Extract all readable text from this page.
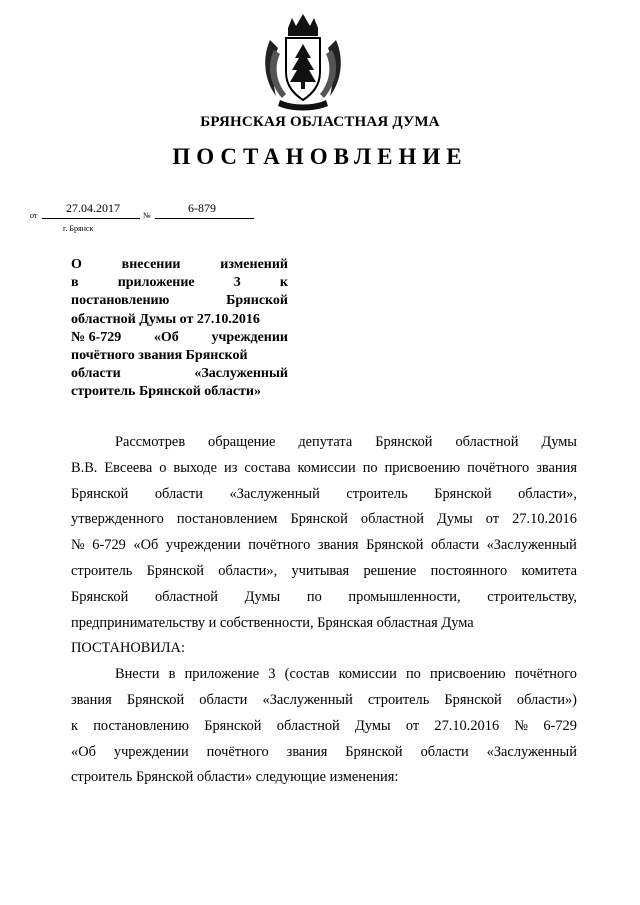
БРЯНСКАЯ ОБЛАСТНАЯ ДУМА
ПОСТАНОВЛЕНИЕ
от
27.04.2017
№
6-879
г. Брянск
О	внесении	изменений
в	приложение	3	к
постановлению	Брянской
областной Думы от 27.10.2016
№ 6-729 «Об учреждении
почётного звания Брянской
области	«Заслуженный
строитель Брянской области»
Рассмотрев обращение депутата Брянской областной Думы
В.В. Евсеева о выходе из состава комиссии по присвоению почётного звания
Брянской области «Заслуженный строитель Брянской области»,
утвержденного постановлением Брянской областной Думы от 27.10.2016
№ 6-729 «Об учреждении почётного звания Брянской области «Заслуженный
строитель Брянской области», учитывая решение постоянного комитета
Брянской областной Думы по промышленности, строительству,
предпринимательству и собственности, Брянская областная Дума
ПОСТАНОВИЛА:
Внести в приложение 3 (состав комиссии по присвоению почётного
звания Брянской области «Заслуженный строитель Брянской области»)
к постановлению Брянской областной Думы от 27.10.2016 № 6-729
«Об учреждении почётного звания Брянской области «Заслуженный
строитель Брянской области» следующие изменения:
